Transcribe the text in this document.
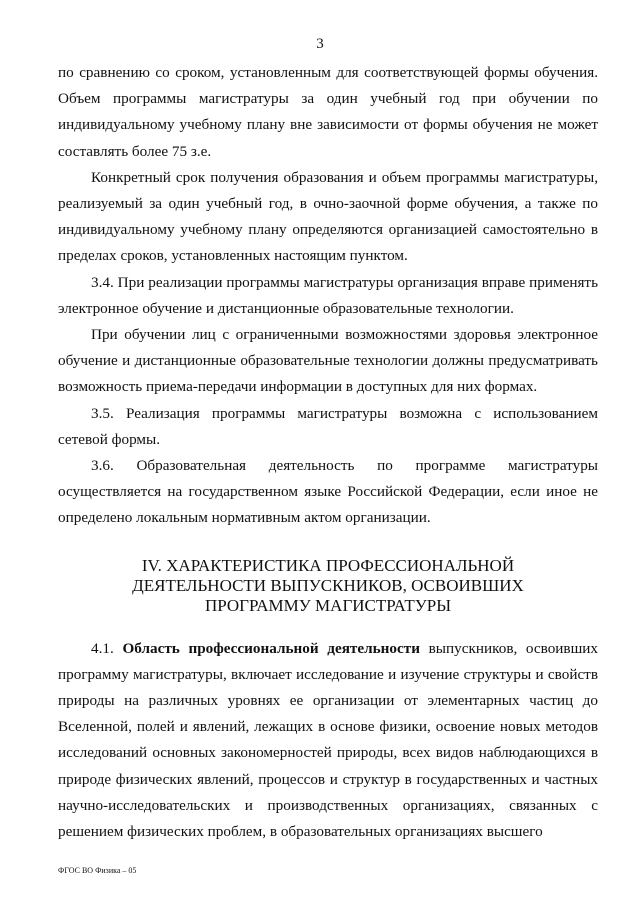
3

по сравнению со сроком, установленным для соответствующей формы обучения. Объем программы магистратуры за один учебный год при обучении по индивидуальному учебному плану вне зависимости от формы обучения не может составлять более 75 з.е.

Конкретный срок получения образования и объем программы магистратуры, реализуемый за один учебный год, в очно-заочной форме обучения, а также по индивидуальному учебному плану определяются организацией самостоятельно в пределах сроков, установленных настоящим пунктом.

3.4. При реализации программы магистратуры организация вправе применять электронное обучение и дистанционные образовательные технологии.

При обучении лиц с ограниченными возможностями здоровья электронное обучение и дистанционные образовательные технологии должны предусматривать возможность приема-передачи информации в доступных для них формах.

3.5. Реализация программы магистратуры возможна с использованием сетевой формы.

3.6. Образовательная деятельность по программе магистратуры осуществляется на государственном языке Российской Федерации, если иное не определено локальным нормативным актом организации.

IV. ХАРАКТЕРИСТИКА ПРОФЕССИОНАЛЬНОЙ ДЕЯТЕЛЬНОСТИ ВЫПУСКНИКОВ, ОСВОИВШИХ ПРОГРАММУ МАГИСТРАТУРЫ

4.1. Область профессиональной деятельности выпускников, освоивших программу магистратуры, включает исследование и изучение структуры и свойств природы на различных уровнях ее организации от элементарных частиц до Вселенной, полей и явлений, лежащих в основе физики, освоение новых методов исследований основных закономерностей природы, всех видов наблюдающихся в природе физических явлений, процессов и структур в государственных и частных научно-исследовательских и производственных организациях, связанных с решением физических проблем, в образовательных организациях высшего

ФГОС ВО Физика – 05
